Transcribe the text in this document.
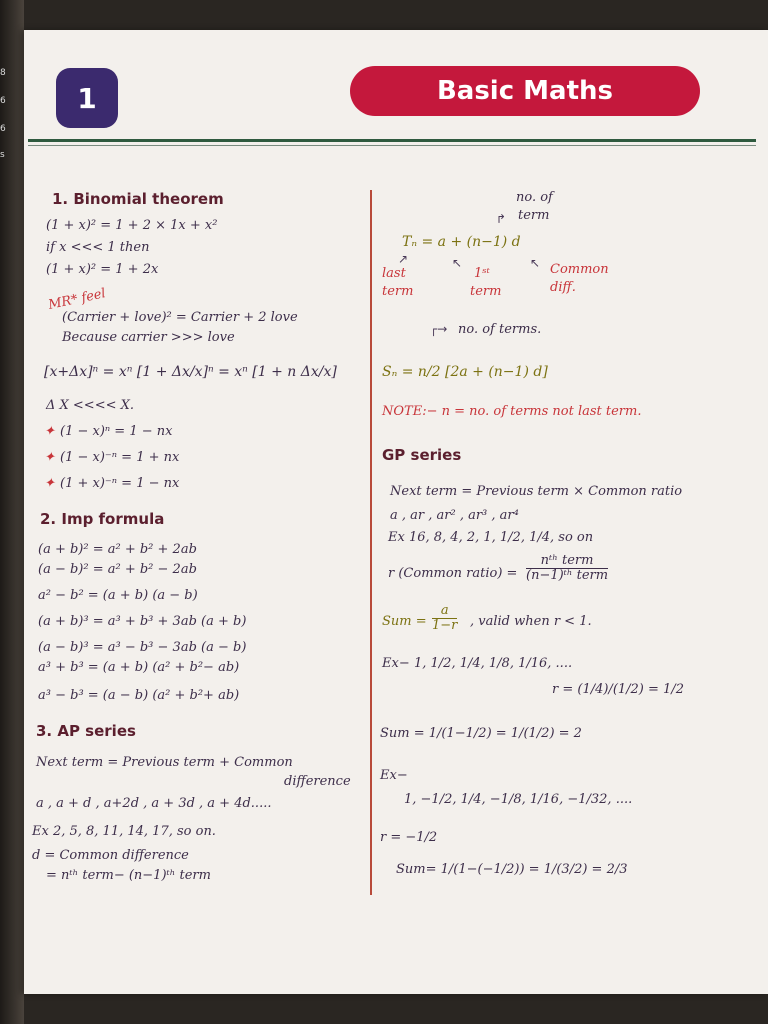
8
6
6
s
1	Basic Maths
1. Binomial theorem
(1 + x)² = 1 + 2 × 1x + x²
if x <<< 1 then
(1 + x)² = 1 + 2x
MR* feel
(Carrier + love)² = Carrier + 2 love
Because carrier >>> love
[x+Δx]ⁿ = xⁿ [1 + Δx/x]ⁿ = xⁿ [1 + n Δx/x]
Δ X <<<< X.
✦ (1 − x)ⁿ = 1 − nx
✦ (1 − x)⁻ⁿ = 1 + nx
✦ (1 + x)⁻ⁿ = 1 − nx
2. Imp formula
(a + b)² = a² + b² + 2ab
(a − b)² = a² + b² − 2ab
a² − b² = (a + b) (a − b)
(a + b)³ = a³ + b³ + 3ab (a + b)
(a − b)³ = a³ − b³ − 3ab (a − b)
a³ + b³ = (a + b) (a² + b²− ab)
a³ − b³ = (a − b) (a² + b²+ ab)
3. AP series
Next term = Previous term + Common
difference
a , a + d , a+2d , a + 3d , a + 4d.....
Ex 2, 5, 8, 11, 14, 17, so on.
d = Common difference
= nᵗʰ term− (n−1)ᵗʰ term
no. of
term
↱
Tₙ = a + (n−1) d
↗	↖	↖
last
term
1ˢᵗ
term
Common
diff.
┌→ no. of terms.
Sₙ = n/2 [2a + (n−1) d]
NOTE:− n = no. of terms not last term.
GP series
Next term = Previous term × Common ratio
a , ar , ar² , ar³ , ar⁴
Ex 16, 8, 4, 2, 1, 1/2, 1/4, so on
r (Common ratio) = $\frac{\text{nᵗʰ term}}{\text{(n−1)ᵗʰ term}}$
Sum = $\frac{a}{1-r}$ , valid when r < 1.
Ex− 1, 1/2, 1/4, 1/8, 1/16, ....
r = (1/4)/(1/2) = 1/2
Sum = 1/(1−1/2) = 1/(1/2) = 2
Ex−
1, −1/2, 1/4, −1/8, 1/16, −1/32, ....
r = −1/2
Sum= 1/(1−(−1/2)) = 1/(3/2) = 2/3
